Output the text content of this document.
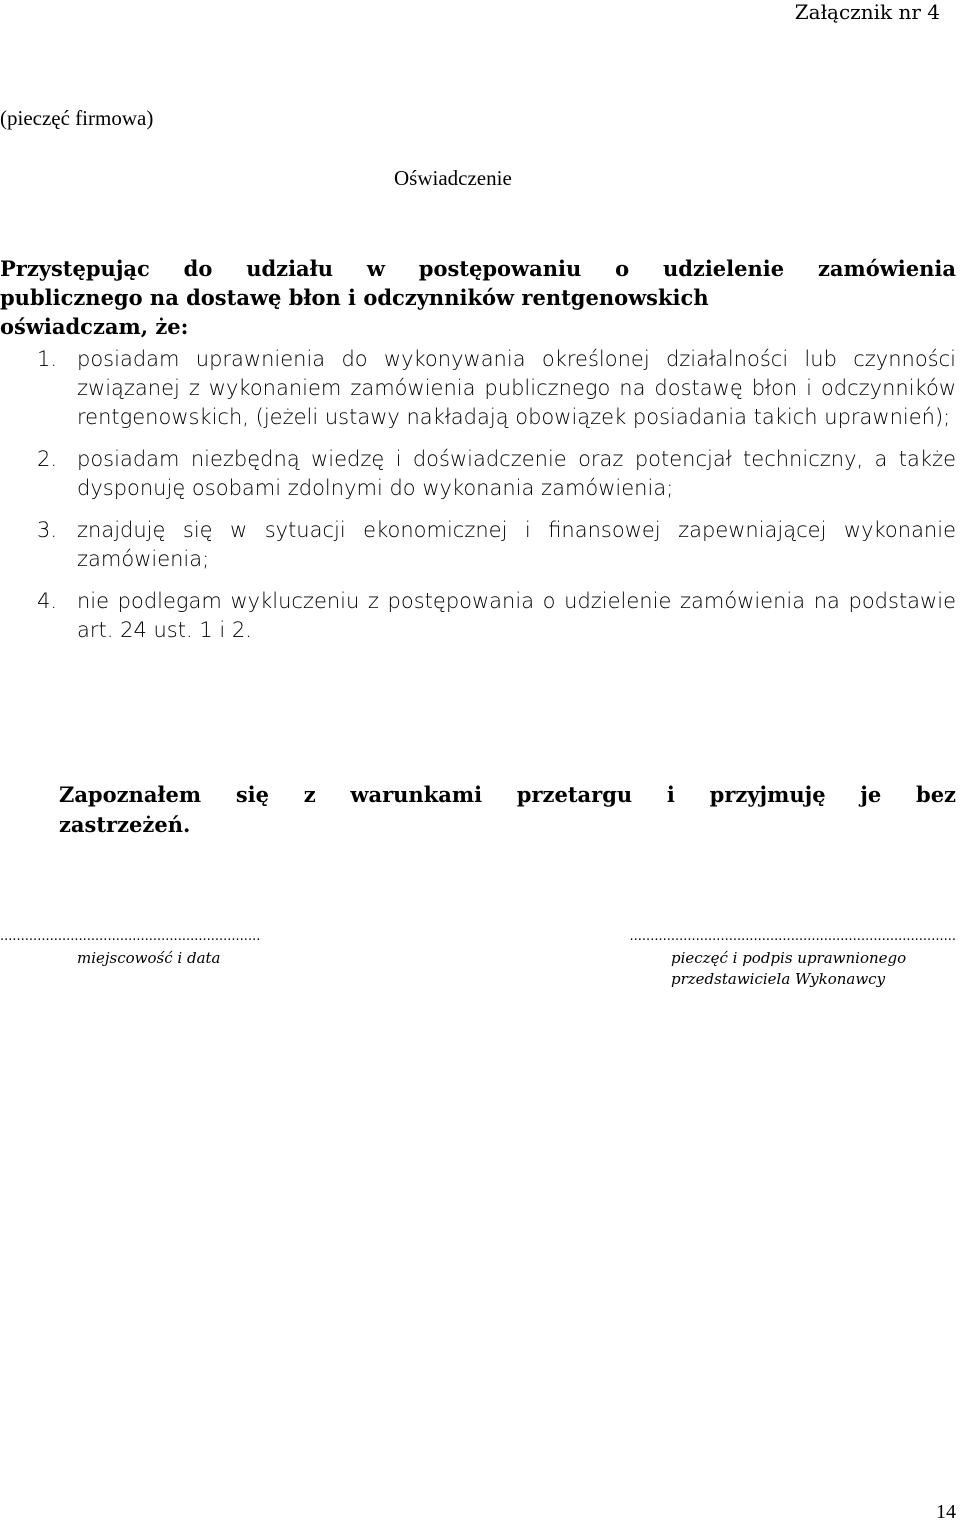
Załącznik nr 4
(pieczęć firmowa)
Oświadczenie
Przystępując do udziału w postępowaniu o udzielenie zamówienia
publicznego na dostawę błon i odczynników rentgenowskich
oświadczam, że:
1. posiadam uprawnienia do wykonywania określonej działalności lub czynności związanej z wykonaniem zamówienia publicznego na dostawę błon i odczynników rentgenowskich, (jeżeli ustawy nakładają obowiązek posiadania takich uprawnień);
2. posiadam niezbędną wiedzę i doświadczenie oraz potencjał techniczny, a także dysponuję osobami zdolnymi do wykonania zamówienia;
3. znajduję się w sytuacji ekonomicznej i finansowej zapewniającej wykonanie zamówienia;
4. nie podlegam wykluczeniu z postępowania o udzielenie zamówienia na podstawie art. 24 ust. 1 i 2.
Zapoznałem się z warunkami przetargu i przyjmuję je bez
zastrzeżeń.
...............................................................
miejscowość i data
...............................................................................
pieczęć i podpis uprawnionego
przedstawiciela Wykonawcy
14
